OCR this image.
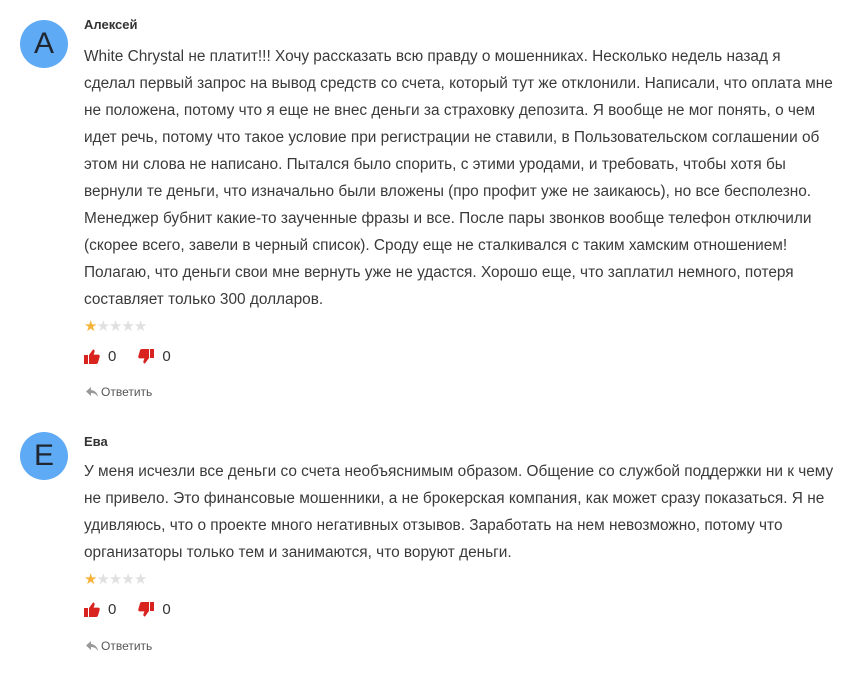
A
Алексей

White Chrystal не платит!!! Хочу рассказать всю правду о мошенниках. Несколько недель назад я сделал первый запрос на вывод средств со счета, который тут же отклонили. Написали, что оплата мне не положена, потому что я еще не внес деньги за страховку депозита. Я вообще не мог понять, о чем идет речь, потому что такое условие при регистрации не ставили, в Пользовательском соглашении об этом ни слова не написано. Пытался было спорить, с этими уродами, и требовать, чтобы хотя бы вернули те деньги, что изначально были вложены (про профит уже не заикаюсь), но все бесполезно. Менеджер бубнит какие-то заученные фразы и все. После пары звонков вообще телефон отключили (скорее всего, завели в черный список). Сроду еще не сталкивался с таким хамским отношением! Полагаю, что деньги свои мне вернуть уже не удастся. Хорошо еще, что заплатил немного, потеря составляет только 300 долларов.

★★★★★
0	0
Ответить
E	Ева

У меня исчезли все деньги со счета необъяснимым образом. Общение со службой поддержки ни к чему не привело. Это финансовые мошенники, а не брокерская компания, как может сразу показаться. Я не удивляюсь, что о проекте много негативных отзывов. Заработать на нем невозможно, потому что организаторы только тем и занимаются, что воруют деньги.

★★★★★
0	0
Ответить
